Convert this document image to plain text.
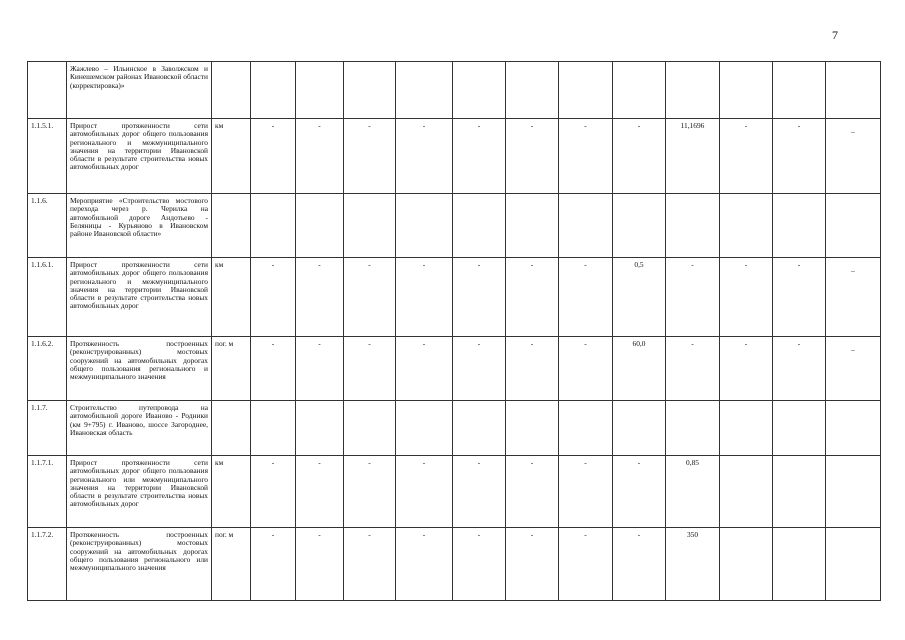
7
	Жажлево – Ильинское в Заволжском и Кинешемском районах Ивановской области (корректировка)»													
1.1.5.1.	Прирост протяженности сети автомобильных дорог общего пользования регионального и межмуниципального значения на территории Ивановской области в результате строительства новых автомобильных дорог	км	-	-	-	-	-	-	-	-	11,1696	-	-	_
1.1.6.	Мероприятие «Строительство мостового перехода через р. Черилка на автомобильной дороге Андотьево - Беляницы - Курьяново в Ивановском районе Ивановской области»													
1.1.6.1.	Прирост протяженности сети автомобильных дорог общего пользования регионального и межмуниципального значения на территории Ивановской области в результате строительства новых автомобильных дорог	км	-	-	-	-	-	-	-	0,5	-	-	-	_
1.1.6.2.	Протяженность построенных (реконструированных) мостовых сооружений на автомобильных дорогах общего пользования регионального и межмуниципального значения	пог. м	-	-	-	-	-	-	-	60,0	-	-	-	_
1.1.7.	Строительство путепровода на автомобильной дороге Иваново - Родники (км 9+795) г. Иваново, шоссе Загороднее, Ивановская область													
1.1.7.1.	Прирост протяженности сети автомобильных дорог общего пользования регионального или межмуниципального значения на территории Ивановской области в результате строительства новых автомобильных дорог	км	-	-	-	-	-	-	-	-	0,85			
1.1.7.2.	Протяженность построенных (реконструированных) мостовых сооружений на автомобильных дорогах общего пользования регионального или межмуниципального значения	пог. м	-	-	-	-	-	-	-	-	350			
